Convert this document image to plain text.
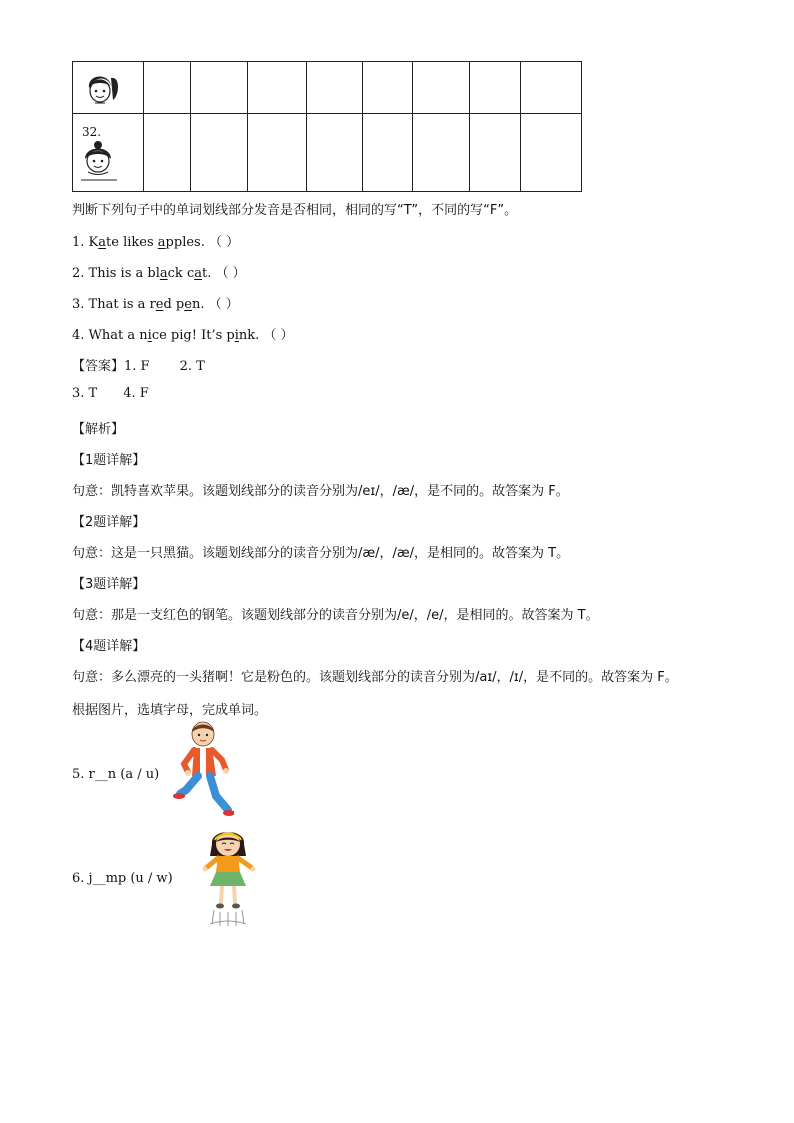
32.								

判断下列句子中的单词划线部分发音是否相同，相同的写“T”，不同的写“F”。
1. Kate likes apples. （ ）
2. This is a black cat. （ ）
3. That is a red pen. （ ）
4. What a nice pig! It’s pink. （ ）
【答案】1. F 2. T
3. T 4. F
【解析】
【1题详解】
句意：凯特喜欢苹果。该题划线部分的读音分别为/eɪ/，/æ/，是不同的。故答案为 F。
【2题详解】
句意：这是一只黑猫。该题划线部分的读音分别为/æ/，/æ/，是相同的。故答案为 T。
【3题详解】
句意：那是一支红色的钢笔。该题划线部分的读音分别为/e/，/e/，是相同的。故答案为 T。
【4题详解】
句意：多么漂亮的一头猪啊！它是粉色的。该题划线部分的读音分别为/aɪ/，/ɪ/，是不同的。故答案为 F。
根据图片，选填字母，完成单词。
5. r__n (a / u)
6. j__mp (u / w)
